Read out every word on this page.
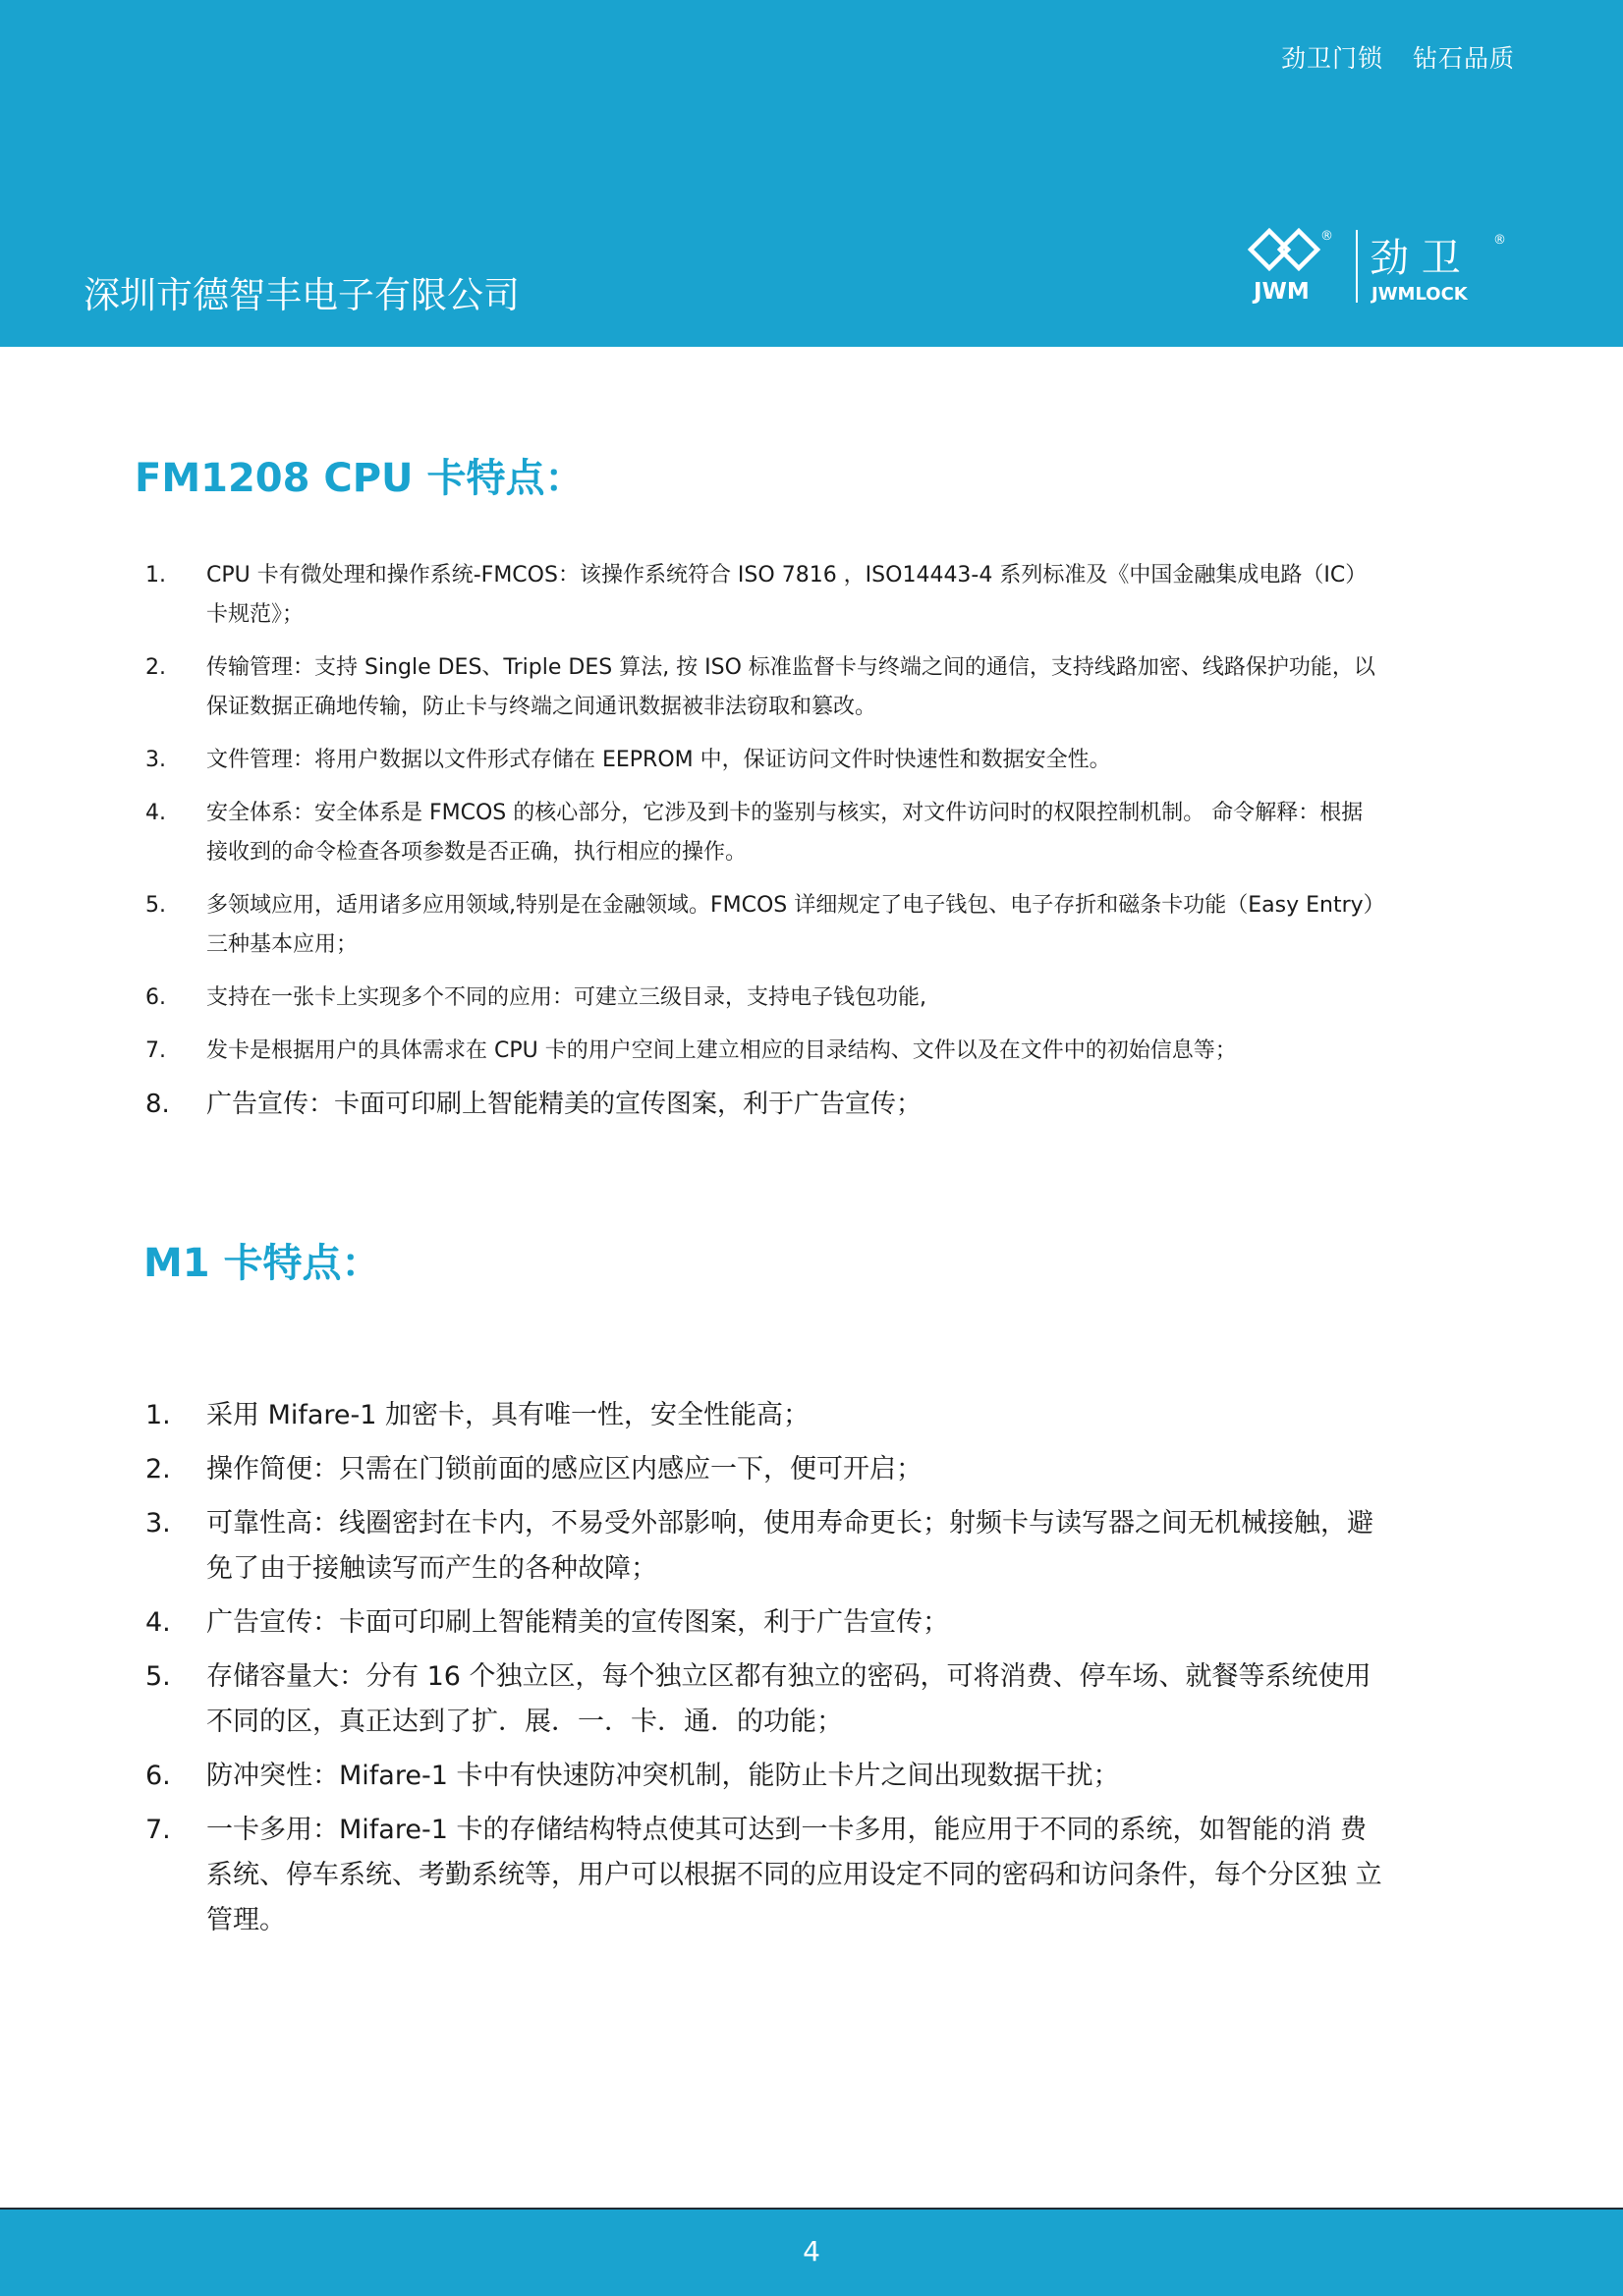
劲卫门锁 钻石品质
深圳市德智丰电子有限公司
®
JWM
劲 卫	®
JWMLOCK
FM1208 CPU 卡特点：
1. CPU 卡有微处理和操作系统-FMCOS：该操作系统符合 ISO 7816 ，ISO14443-4 系列标准及《中国金融集成电路（IC）卡规范》；
2. 传输管理：支持 Single DES、Triple DES 算法, 按 ISO 标准监督卡与终端之间的通信，支持线路加密、线路保护功能，以保证数据正确地传输，防止卡与终端之间通讯数据被非法窃取和篡改。
3. 文件管理：将用户数据以文件形式存储在 EEPROM 中，保证访问文件时快速性和数据安全性。
4. 安全体系：安全体系是 FMCOS 的核心部分，它涉及到卡的鉴别与核实，对文件访问时的权限控制机制。 命令解释：根据接收到的命令检查各项参数是否正确，执行相应的操作。
5. 多领域应用，适用诸多应用领域,特别是在金融领域。FMCOS 详细规定了电子钱包、电子存折和磁条卡功能（Easy Entry）三种基本应用；
6. 支持在一张卡上实现多个不同的应用：可建立三级目录，支持电子钱包功能,
7. 发卡是根据用户的具体需求在 CPU 卡的用户空间上建立相应的目录结构、文件以及在文件中的初始信息等；
8. 广告宣传：卡面可印刷上智能精美的宣传图案，利于广告宣传；
M1 卡特点：
1. 采用 Mifare-1 加密卡，具有唯一性，安全性能高；
2. 操作简便：只需在门锁前面的感应区内感应一下，便可开启；
3. 可靠性高：线圈密封在卡内，不易受外部影响，使用寿命更长；射频卡与读写器之间无机械接触，避免了由于接触读写而产生的各种故障；
4. 广告宣传：卡面可印刷上智能精美的宣传图案，利于广告宣传；
5. 存储容量大：分有 16 个独立区，每个独立区都有独立的密码，可将消费、停车场、就餐等系统使用 不同的区，真正达到了扩．展．一．卡．通．的功能；
6. 防冲突性：Mifare-1 卡中有快速防冲突机制，能防止卡片之间出现数据干扰；
7. 一卡多用：Mifare-1 卡的存储结构特点使其可达到一卡多用，能应用于不同的系统，如智能的消 费系统、停车系统、考勤系统等，用户可以根据不同的应用设定不同的密码和访问条件，每个分区独 立管理。
4
